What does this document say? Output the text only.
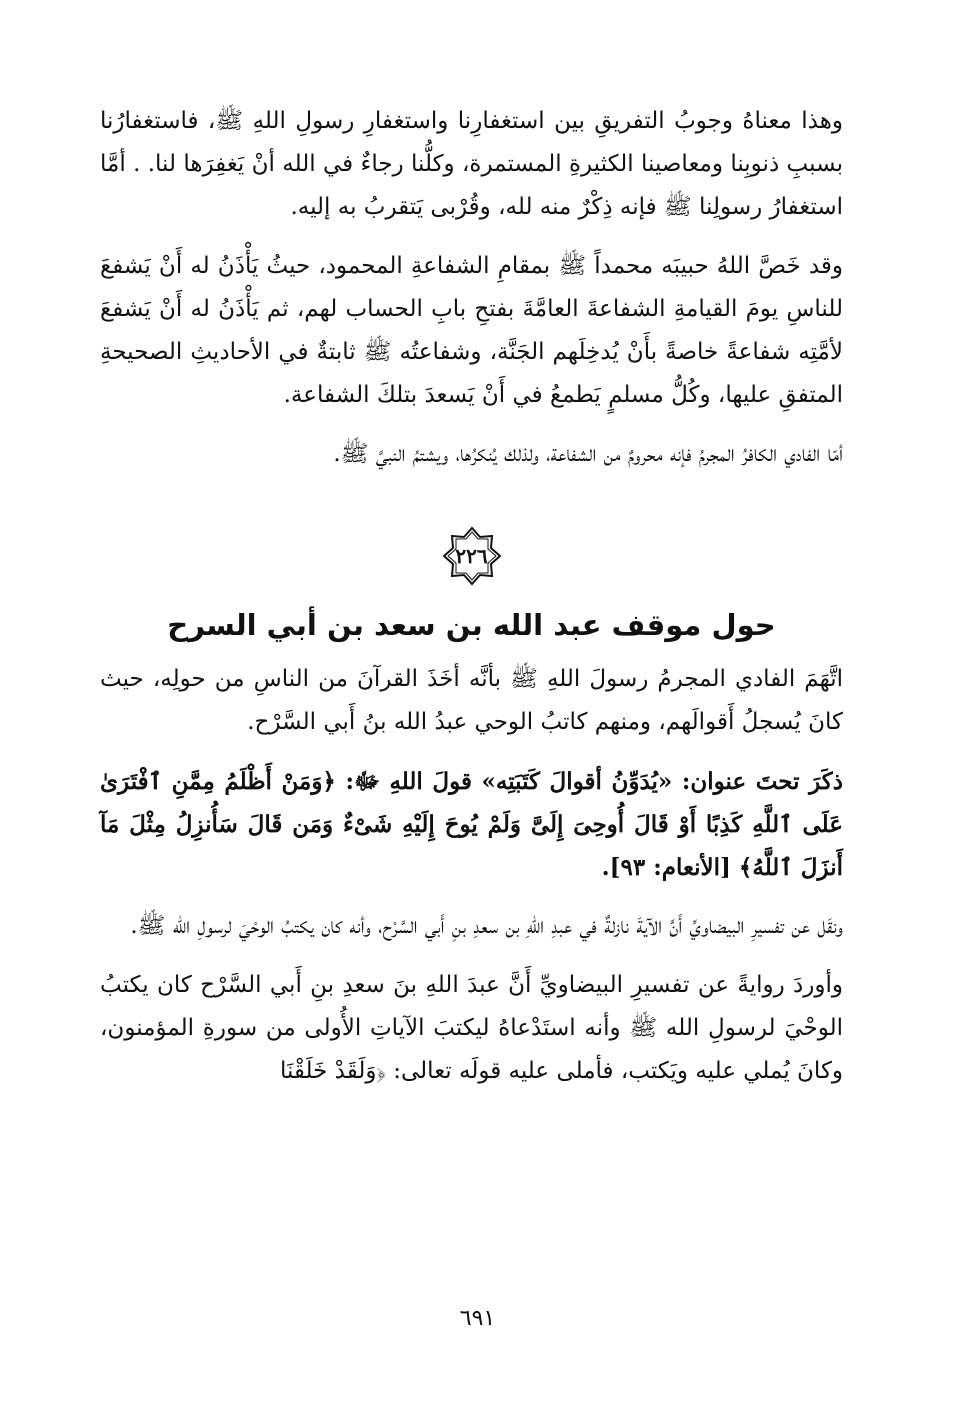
وهذا معناهُ وجوبُ التفريقِ بين استغفارِنا واستغفارِ رسولِ اللهِ ﷺ، فاستغفارُنا بسببِ ذنوبِنا ومعاصينا الكثيرةِ المستمرة، وكلُّنا رجاءٌ في الله أنْ يَغفِرَها لنا. . أمَّا استغفارُ رسولِنا ﷺ فإنه ذِكْرٌ منه لله، وقُرْبى يَتقربُ به إليه.

وقد خَصَّ اللهُ حبيبَه محمداً ﷺ بمقامِ الشفاعةِ المحمود، حيثُ يَأْذَنُ له أَنْ يَشفعَ للناسِ يومَ القيامةِ الشفاعةَ العامَّةَ بفتحِ بابِ الحساب لهم، ثم يَأْذَنُ له أَنْ يَشفعَ لأمَّتِه شفاعةً خاصةً بأَنْ يُدخِلَهم الجَنَّة، وشفاعتُه ﷺ ثابتةٌ في الأحاديثِ الصحيحةِ المتفقِ عليها، وكُلُّ مسلمٍ يَطمعُ في أَنْ يَسعدَ بتلكَ الشفاعة.

أمّا الفادي الكافرُ المجرمُ فإنه محرومٌ من الشفاعة، ولذلك يُنكرُها، ويشتمُ النبيَّ ﷺ.

٢٢٦
حول موقف عبد الله بن سعد بن أبي السرح

اتَّهَمَ الفادي المجرمُ رسولَ اللهِ ﷺ بأنَّه أخَذَ القرآنَ من الناسِ من حولِه، حيث كانَ يُسجلُ أَقوالَهم، ومنهم كاتبُ الوحي عبدُ الله بنُ أَبي السَّرْح.

ذكَرَ تحتَ عنوان: «يُدَوِّنُ أقوالَ كَتَبَتِه» قولَ اللهِ ﷻ: ﴿وَمَنْ أَظْلَمُ مِمَّنِ ٱفْتَرَىٰ عَلَى ٱللَّهِ كَذِبًا أَوْ قَالَ أُوحِىَ إِلَىَّ وَلَمْ يُوحَ إِلَيْهِ شَىْءٌ وَمَن قَالَ سَأُنزِلُ مِثْلَ مَآ أَنزَلَ ٱللَّهُ﴾ [الأنعام: ٩٣].

ونقَل عن تفسيرِ البيضاويِّ أَنَّ الآيةَ نازلةٌ في عبدِ اللهِ بن سعدِ بنِ أَبي السَّرْح، وأنه كان يكتبُ الوحْيَ لرسولِ الله ﷺ.

وأوردَ روايةً عن تفسيرِ البيضاويِّ أَنَّ عبدَ اللهِ بنَ سعدِ بنِ أَبي السَّرْح كان يكتبُ الوحْيَ لرسولِ الله ﷺ وأنه استَدْعاهُ ليكتبَ الآياتِ الأُولى من سورةِ المؤمنون، وكانَ يُملي عليه ويَكتب، فأملى عليه قولَه تعالى: ﴿وَلَقَدْ خَلَقْنَا

٦٩١
